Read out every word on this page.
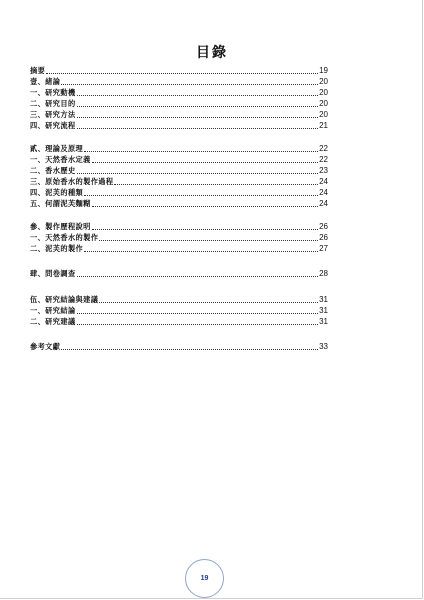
目錄
摘要	19
壹、緒論	20
一、研究動機	20
二、研究目的	20
三、研究方法	20
四、研究流程	21
貳、理論及原理	22
一、天然香水定義	22
二、香水歷史	23
三、原始香水的製作過程	24
四、泥芙的種類	24
五、何謂泥芙麵糊	24
參、製作歷程說明	26
一、天然香水的製作	26
二、泥芙的製作	27
肆、問卷調查	28
伍、研究結論與建議	31
一、研究結論	31
二、研究建議	31
參考文獻	33
19
